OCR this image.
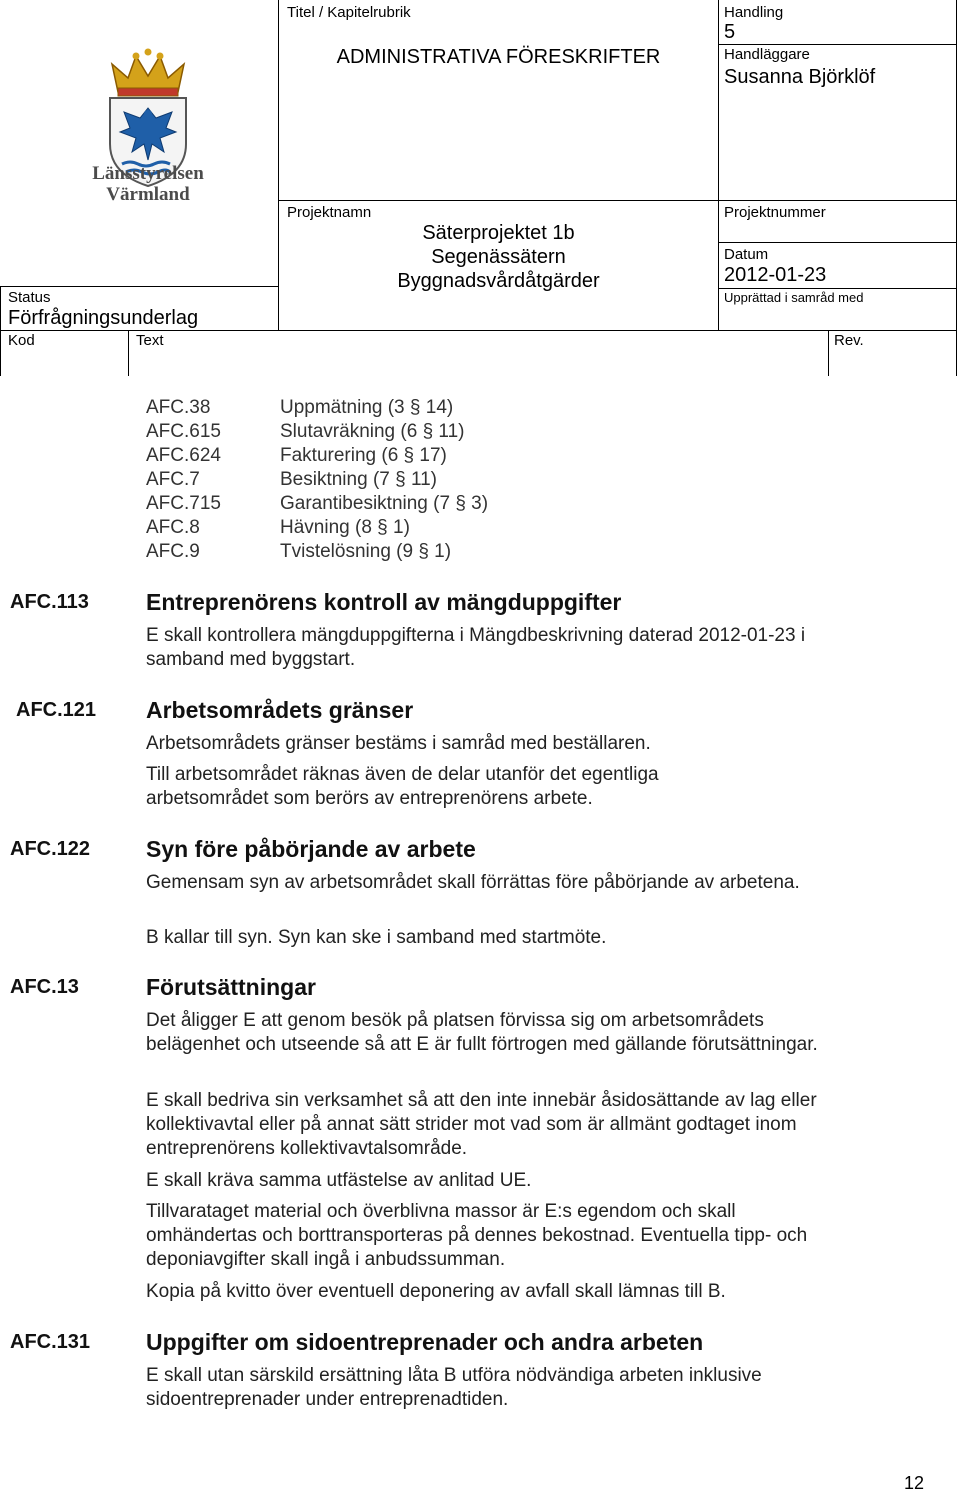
Länsstyrelsen
Värmland
Titel / Kapitelrubrik
ADMINISTRATIVA FÖRESKRIFTER
Handling
5
Handläggare
Susanna Björklöf
Projektnamn
Säterprojektet 1b
Segenässätern
Byggnadsvårdåtgärder
Projektnummer
Datum
2012-01-23
Upprättad i samråd med
Status
Förfrågningsunderlag
Kod	Text	Rev.
AFC.38	Uppmätning (3 § 14)
AFC.615	Slutavräkning (6 § 11)
AFC.624	Fakturering (6 § 17)
AFC.7	Besiktning (7 § 11)
AFC.715	Garantibesiktning (7 § 3)
AFC.8	Hävning (8 § 1)
AFC.9	Tvistelösning (9 § 1)
AFC.113 Entreprenörens kontroll av mängduppgifter
E skall kontrollera mängduppgifterna i Mängdbeskrivning daterad 2012-01-23 i samband med byggstart.
AFC.121 Arbetsområdets gränser
Arbetsområdets gränser bestäms i samråd med beställaren.
Till arbetsområdet räknas även de delar utanför det egentliga arbetsområdet som berörs av entreprenörens arbete.
AFC.122 Syn före påbörjande av arbete
Gemensam syn av arbetsområdet skall förrättas före påbörjande av arbetena.
B kallar till syn. Syn kan ske i samband med startmöte.
AFC.13	Förutsättningar
Det åligger E att genom besök på platsen förvissa sig om arbetsområdets belägenhet och utseende så att E är fullt förtrogen med gällande förutsättningar.
E skall bedriva sin verksamhet så att den inte innebär åsidosättande av lag eller kollektivavtal eller på annat sätt strider mot vad som är allmänt godtaget inom entreprenörens kollektivavtalsområde.
E skall kräva samma utfästelse av anlitad UE.
Tillvarataget material och överblivna massor är E:s egendom och skall omhändertas och borttransporteras på dennes bekostnad. Eventuella tipp- och deponiavgifter skall ingå i anbudssumman.
Kopia på kvitto över eventuell deponering av avfall skall lämnas till B.
AFC.131 Uppgifter om sidoentreprenader och andra arbeten
E skall utan särskild ersättning låta B utföra nödvändiga arbeten inklusive sidoentreprenader under entreprenadtiden.
12
